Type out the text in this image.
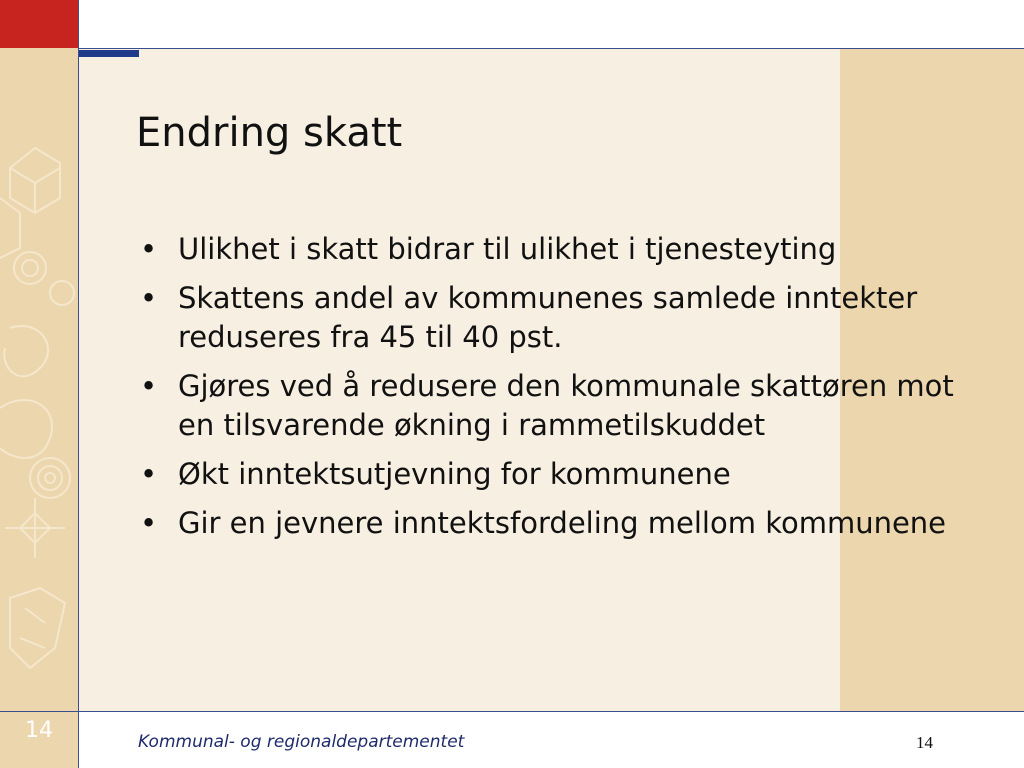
Endring skatt
• Ulikhet i skatt bidrar til ulikhet i tjenesteyting
• Skattens andel av kommunenes samlede inntekter reduseres fra 45 til 40 pst.
• Gjøres ved å redusere den kommunale skattøren mot en tilsvarende økning i rammetilskuddet
• Økt inntektsutjevning for kommunene
• Gir en jevnere inntektsfordeling mellom kommunene
14	Kommunal- og regionaldepartementet	14
